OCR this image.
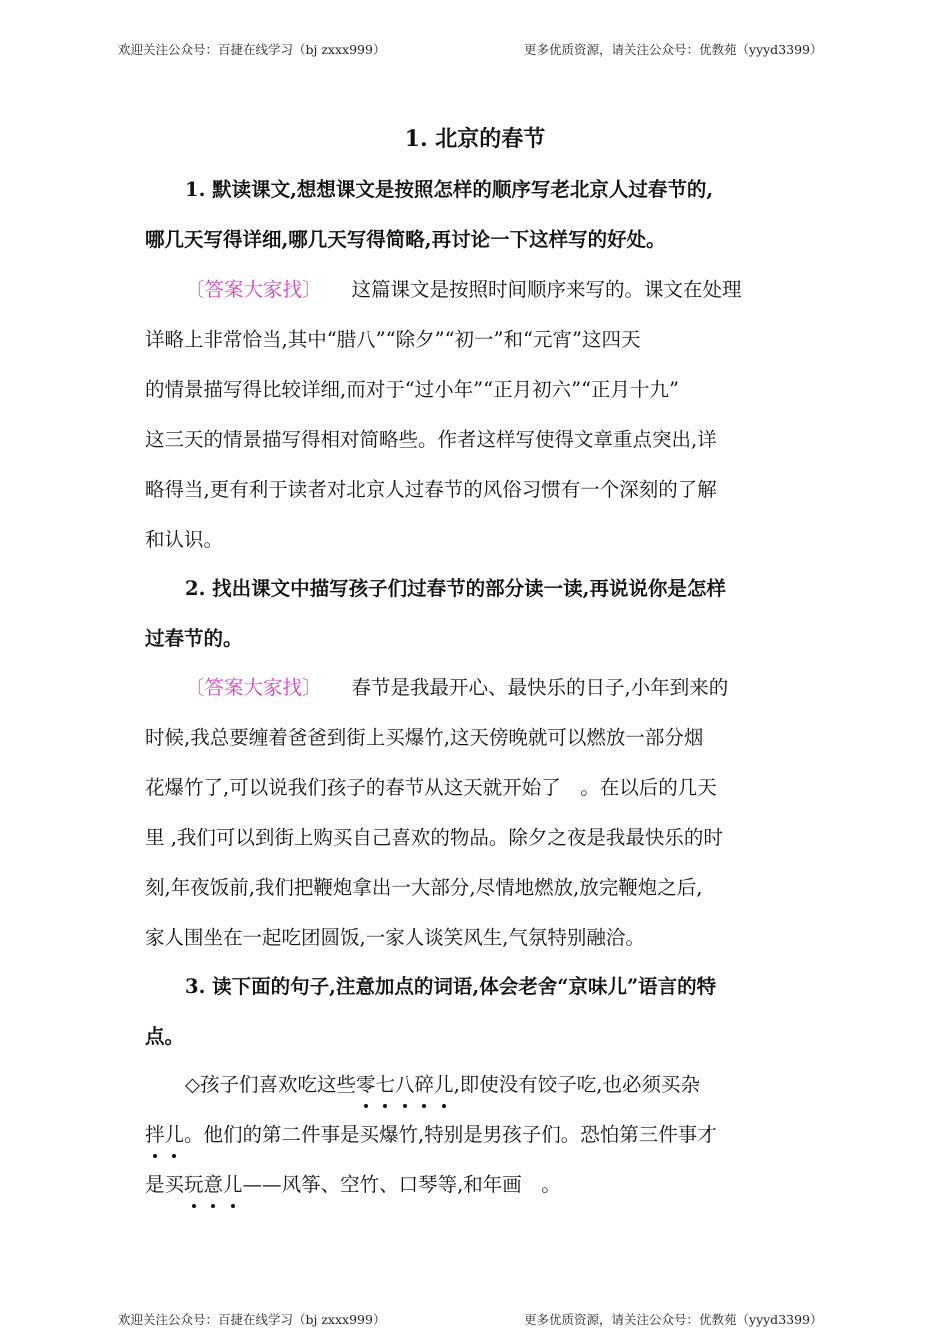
欢迎关注公众号：百捷在线学习（bj zxxx999）	更多优质资源，请关注公众号：优教苑（yyyd3399）
1. 北京的春节
1. 默读课文,想想课文是按照怎样的顺序写老北京人过春节的,
哪几天写得详细,哪几天写得简略,再讨论一下这样写的好处。
〔答案大家找〕 这篇课文是按照时间顺序来写的。课文在处理
详略上非常恰当,其中“腊八”“除夕”“初一”和“元宵”这四天
的情景描写得比较详细,而对于“过小年”“正月初六”“正月十九”
这三天的情景描写得相对简略些。作者这样写使得文章重点突出,详
略得当,更有利于读者对北京人过春节的风俗习惯有一个深刻的了解
和认识。
2. 找出课文中描写孩子们过春节的部分读一读,再说说你是怎样
过春节的。
〔答案大家找〕 春节是我最开心、最快乐的日子,小年到来的
时候,我总要缠着爸爸到街上买爆竹,这天傍晚就可以燃放一部分烟
花爆竹了,可以说我们孩子的春节从这天就开始了　。在以后的几天
里 ,我们可以到街上购买自己喜欢的物品。除夕之夜是我最快乐的时
刻,年夜饭前,我们把鞭炮拿出一大部分,尽情地燃放,放完鞭炮之后,
家人围坐在一起吃团圆饭,一家人谈笑风生,气氛特别融洽。
3. 读下面的句子,注意加点的词语,体会老舍“京味儿”语言的特
点。
◇孩子们喜欢吃这些零七八碎儿,即使没有饺子吃,也必须买杂
拌儿。他们的第二件事是买爆竹,特别是男孩子们。恐怕第三件事才
是买玩意儿——风筝、空竹、口琴等,和年画　。
欢迎关注公众号：百捷在线学习（bj zxxx999）	更多优质资源，请关注公众号：优教苑（yyyd3399）
